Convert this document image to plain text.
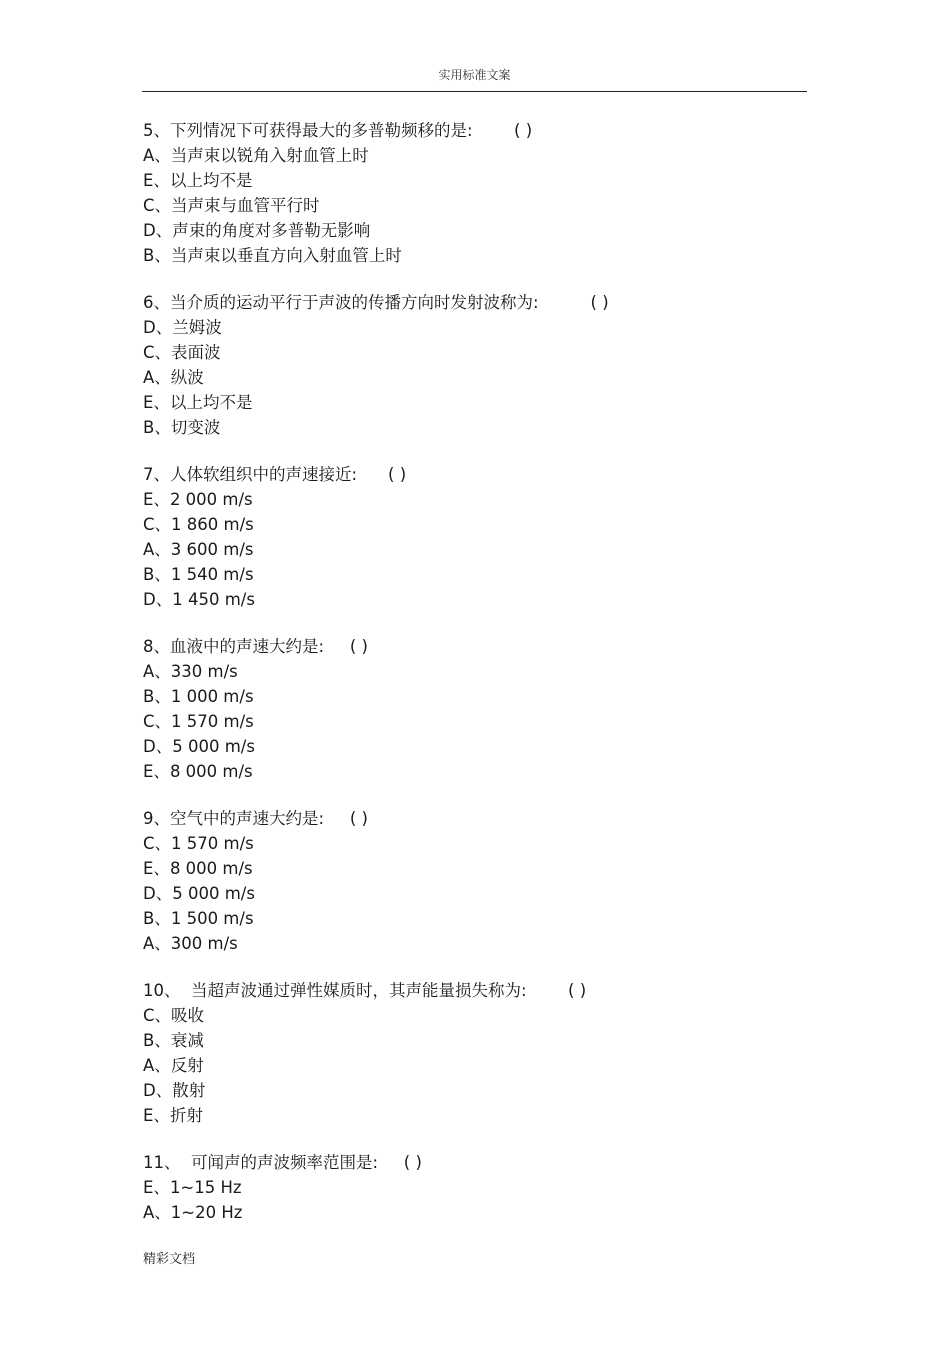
实用标准文案
5、下列情况下可获得最大的多普勒频移的是:	( )
A、当声束以锐角入射血管上时
E、以上均不是
C、当声束与血管平行时
D、声束的角度对多普勒无影响
B、当声束以垂直方向入射血管上时
6、当介质的运动平行于声波的传播方向时发射波称为:	( )
D、兰姆波
C、表面波
A、纵波
E、以上均不是
B、切变波
7、人体软组织中的声速接近: ( )
E、2 000 m/s
C、1 860 m/s
A、3 600 m/s
B、1 540 m/s
D、1 450 m/s
8、血液中的声速大约是: ( )
A、330 m/s
B、1 000 m/s
C、1 570 m/s
D、5 000 m/s
E、8 000 m/s
9、空气中的声速大约是: ( )
C、1 570 m/s
E、8 000 m/s
D、5 000 m/s
B、1 500 m/s
A、300 m/s
10、  当超声波通过弹性媒质时，其声能量损失称为:	( )
C、吸收
B、衰减
A、反射
D、散射
E、折射
11、  可闻声的声波频率范围是: ( )
E、1~15 Hz
A、1~20 Hz
精彩文档
